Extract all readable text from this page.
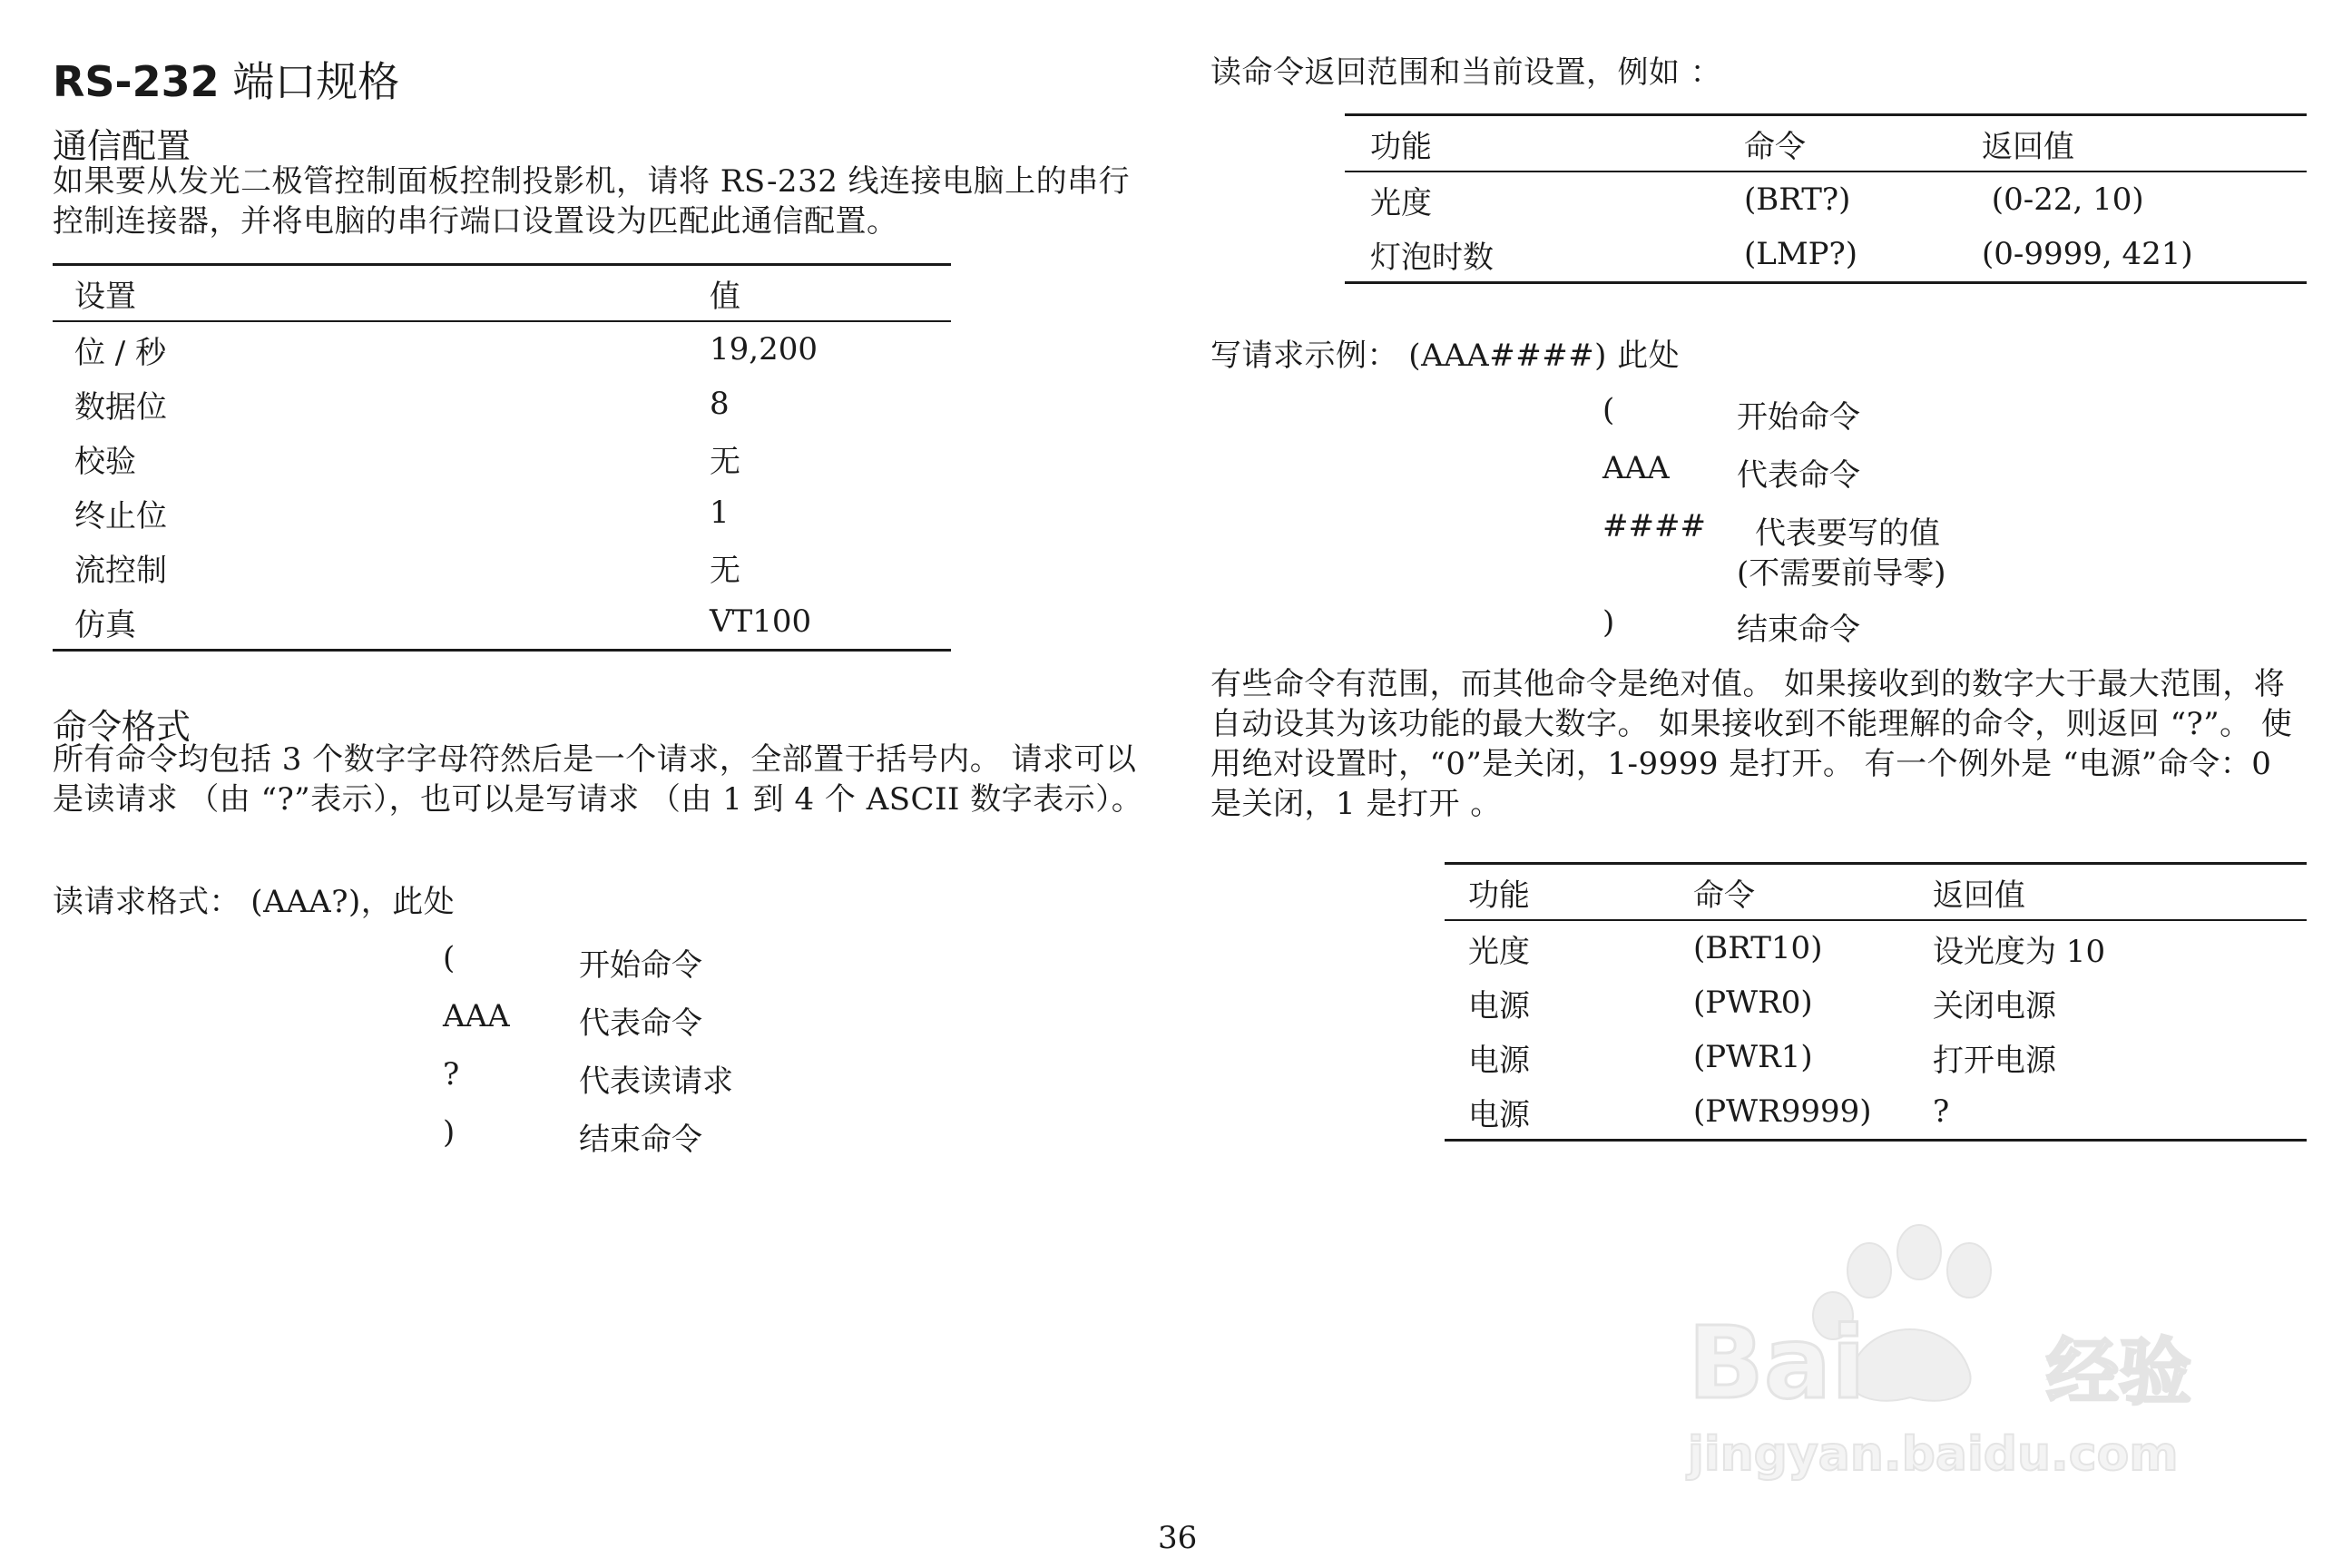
RS-232 端口规格
通信配置
如果要从发光二极管控制面板控制投影机，请将 RS-232 线连接电脑上的串行控制连接器，并将电脑的串行端口设置设为匹配此通信配置。
设置	值
位 / 秒	19,200
数据位	8
校验	无
终止位	1
流控制	无
仿真	VT100
命令格式
所有命令均包括 3 个数字字母符然后是一个请求，全部置于括号内。 请求可以是读请求 （由 “?”表示），也可以是写请求 （由 1 到 4 个 ASCII 数字表示）。
读请求格式： (AAA?)，此处
(	开始命令
AAA 代表命令
?	代表读请求
)	结束命令
读命令返回范围和当前设置，例如 ：
功能	命令	返回值
光度	(BRT?)	(0-22, 10)
灯泡时数	(LMP?)	(0-9999, 421)
写请求示例： (AAA####) 此处
(	开始命令
AAA 代表命令
#### 代表要写的值
(不需要前导零)
)	结束命令
有些命令有范围，而其他命令是绝对值。 如果接收到的数字大于最大范围，将自动设其为该功能的最大数字。 如果接收到不能理解的命令，则返回 “?”。 使用绝对设置时，“0”是关闭，1-9999 是打开。 有一个例外是 “电源”命令：0 是关闭，1 是打开 。
功能	命令	返回值
光度	(BRT10)	设光度为 10
电源	(PWR0)	关闭电源
电源	(PWR1)	打开电源
电源	(PWR9999)	?
Bai 经验
jingyan.baidu.com
36
